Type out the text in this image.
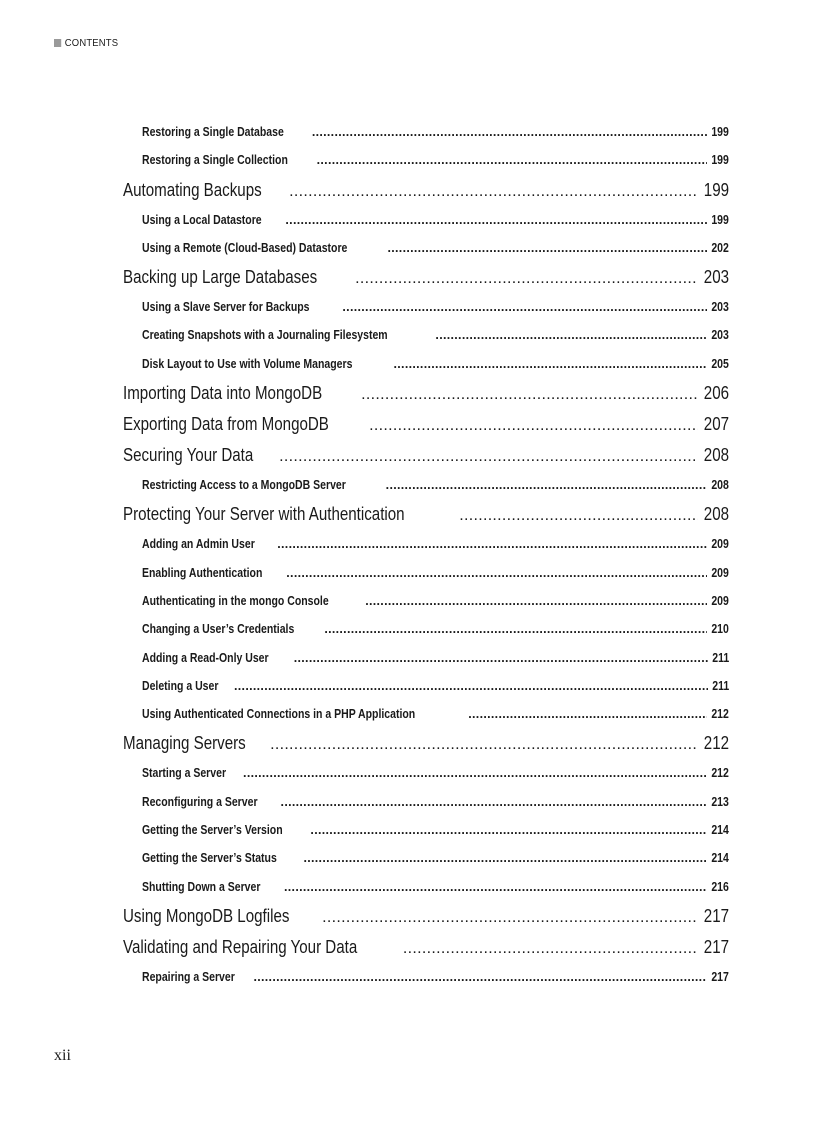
CONTENTS
Restoring a Single Database .....	199
Restoring a Single Collection .....	199
Automating Backups .....	199
Using a Local Datastore .....	199
Using a Remote (Cloud-Based) Datastore .....	202
Backing up Large Databases .....	203
Using a Slave Server for Backups .....	203
Creating Snapshots with a Journaling Filesystem .....	203
Disk Layout to Use with Volume Managers .....	205
Importing Data into MongoDB .....	206
Exporting Data from MongoDB .....	207
Securing Your Data .....	208
Restricting Access to a MongoDB Server .....	208
Protecting Your Server with Authentication .....	208
Adding an Admin User .....	209
Enabling Authentication .....	209
Authenticating in the mongo Console .....	209
Changing a User’s Credentials .....	210
Adding a Read-Only User .....	211
Deleting a User .....	211
Using Authenticated Connections in a PHP Application .....	212
Managing Servers .....	212
Starting a Server .....	212
Reconfiguring a Server .....	213
Getting the Server’s Version .....	214
Getting the Server’s Status .....	214
Shutting Down a Server .....	216
Using MongoDB Logfiles .....	217
Validating and Repairing Your Data .....	217
Repairing a Server .....	217
xii
